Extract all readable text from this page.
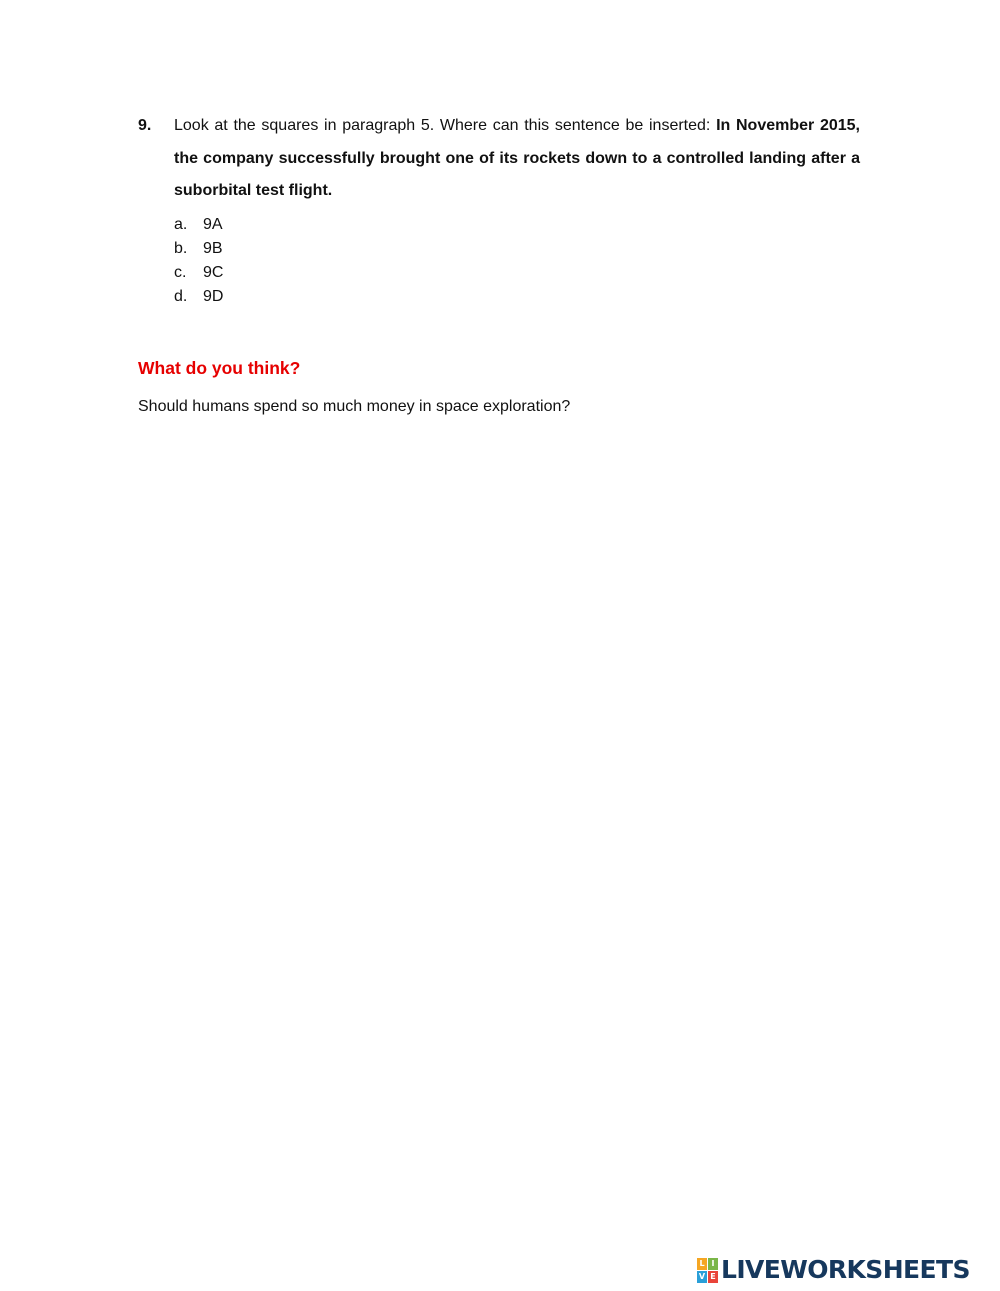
9. Look at the squares in paragraph 5. Where can this sentence be inserted: In November 2015, the company successfully brought one of its rockets down to a controlled landing after a suborbital test flight.
a. 9A
b. 9B
c.	9C
d. 9D
What do you think?
Should humans spend so much money in space exploration?
L I
V E LIVEWORKSHEETS
